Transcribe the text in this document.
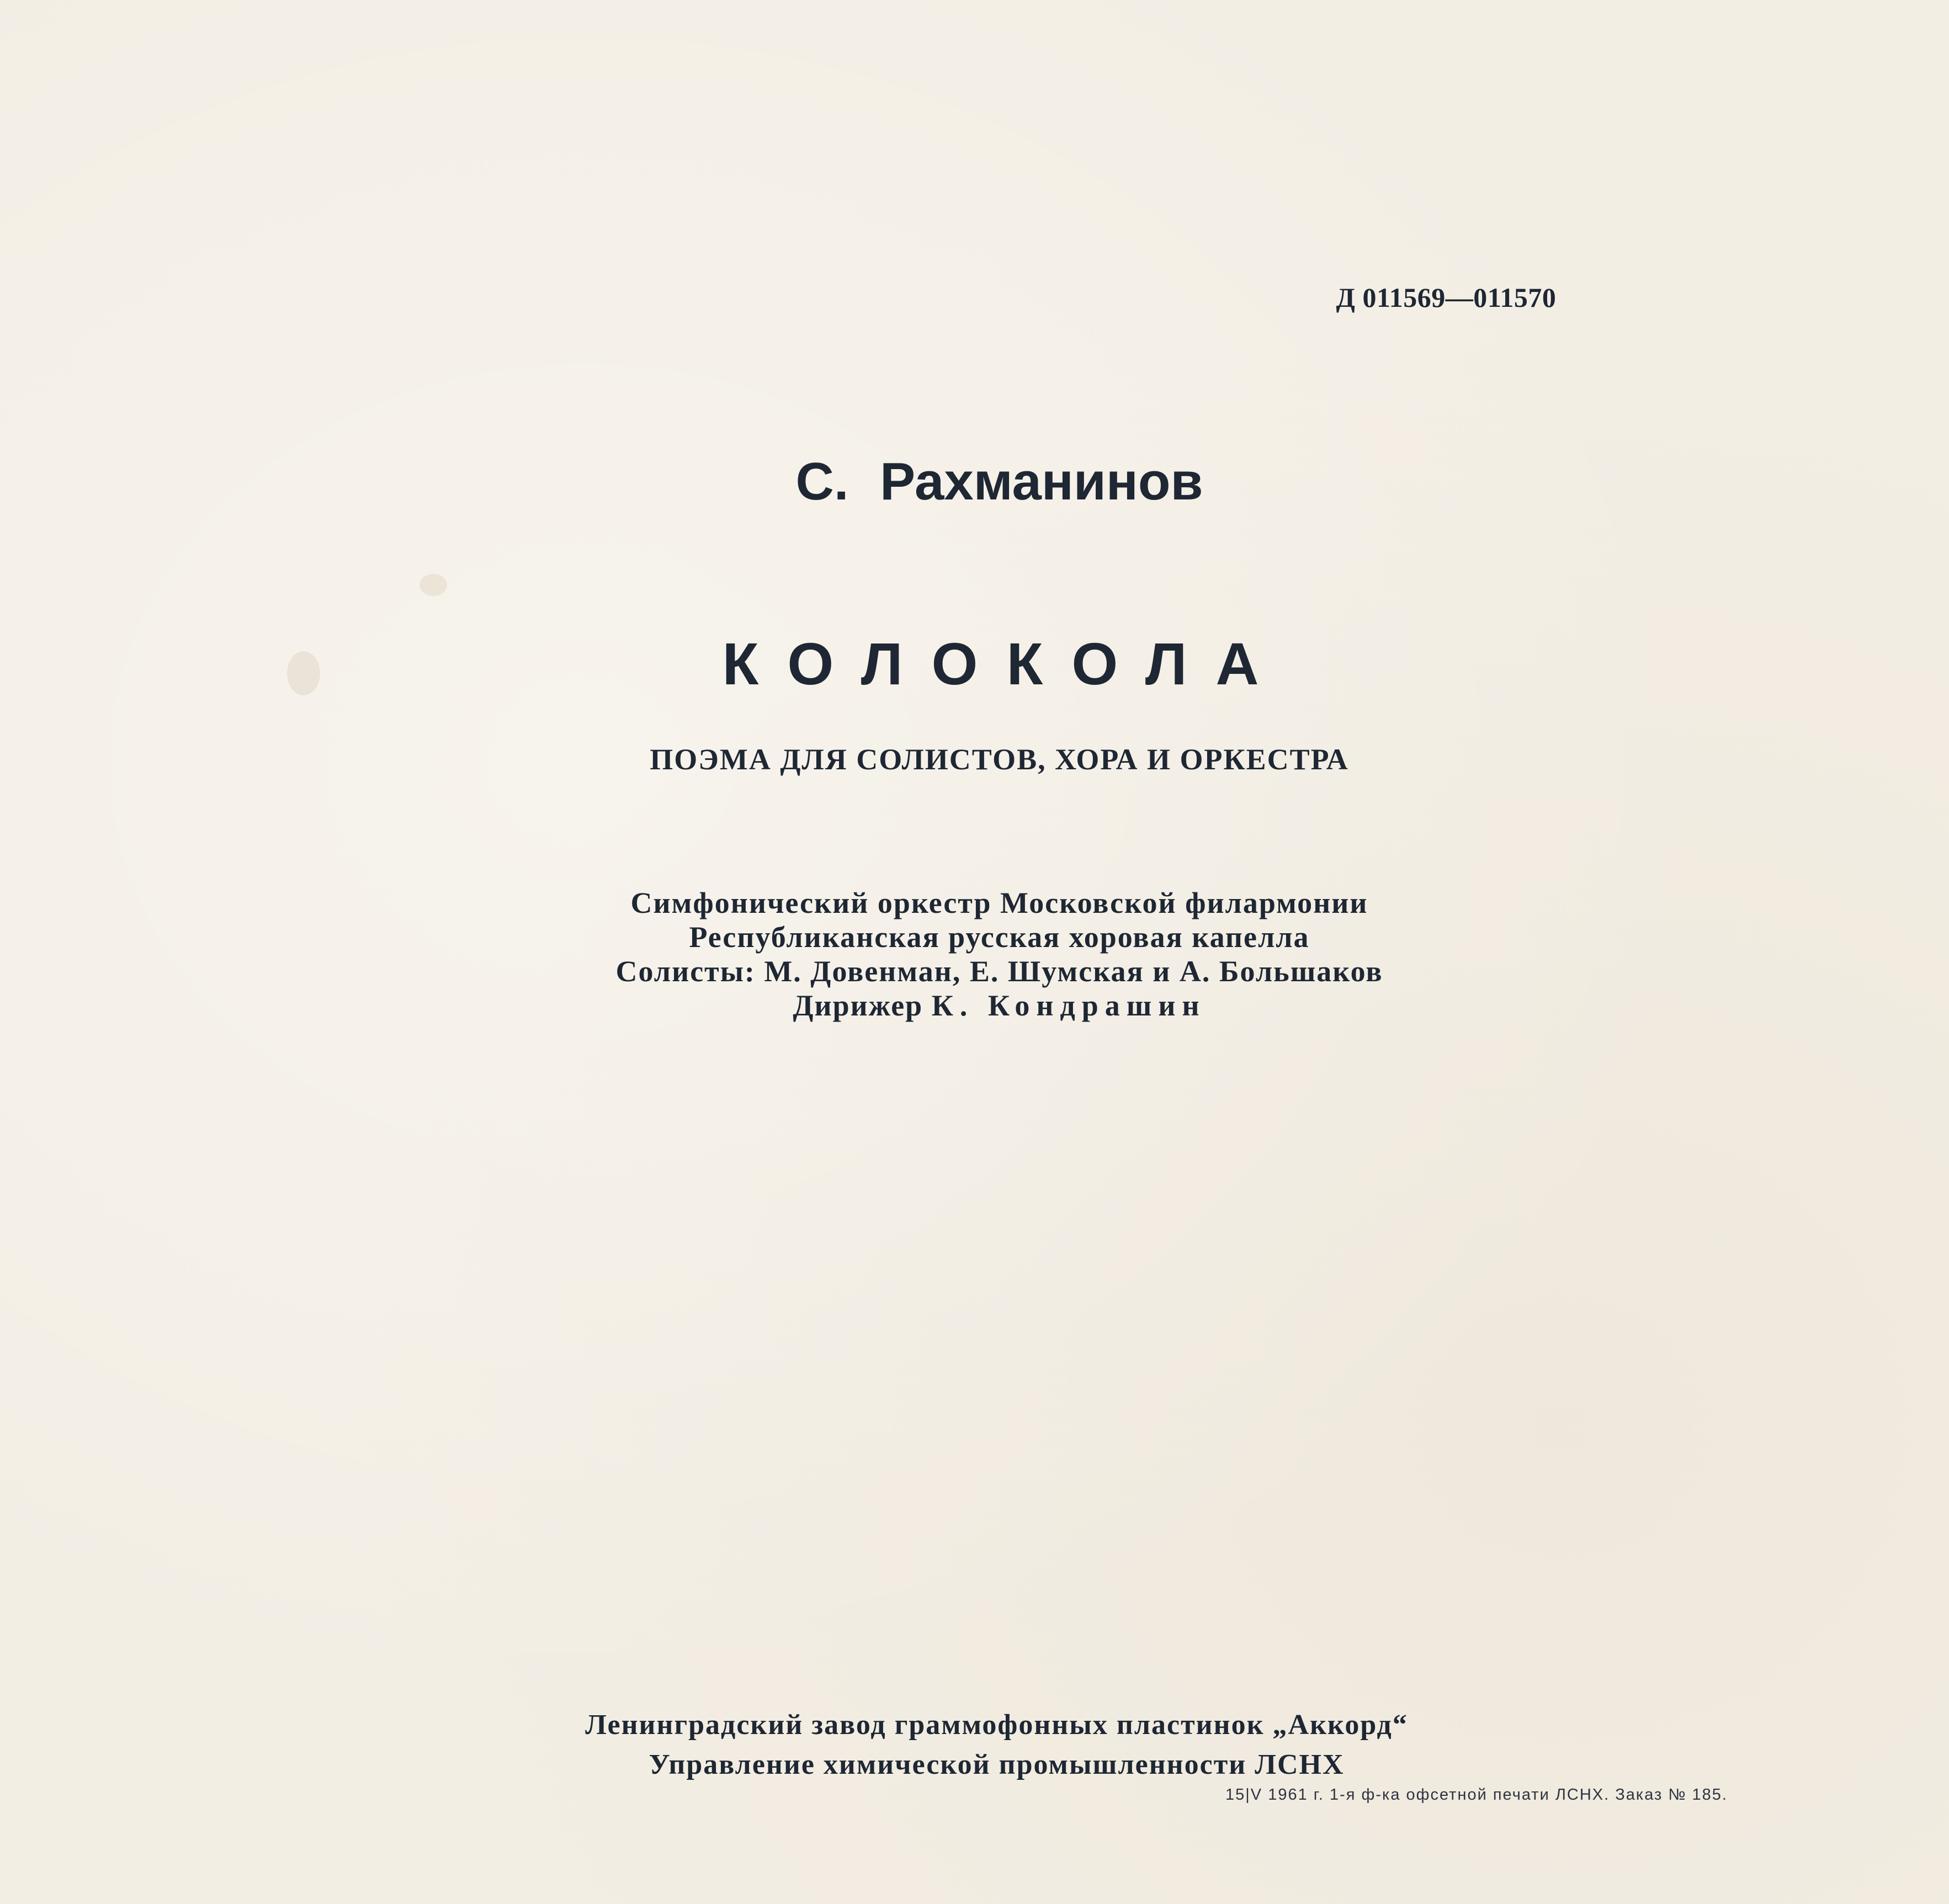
Д 011569—011570
С. Рахманинов
КОЛОКОЛА
ПОЭМА ДЛЯ СОЛИСТОВ, ХОРА И ОРКЕСТРА
Симфонический оркестр Московской филармонии
Республиканская русская хоровая капелла
Солисты: М. Довенман, Е. Шумская и А. Большаков
Дирижер К. Кондрашин
Ленинградский завод граммофонных пластинок „Аккорд“
Управление химической промышленности ЛСНХ
15|V 1961 г. 1-я ф-ка офсетной печати ЛСНХ. Заказ № 185.
